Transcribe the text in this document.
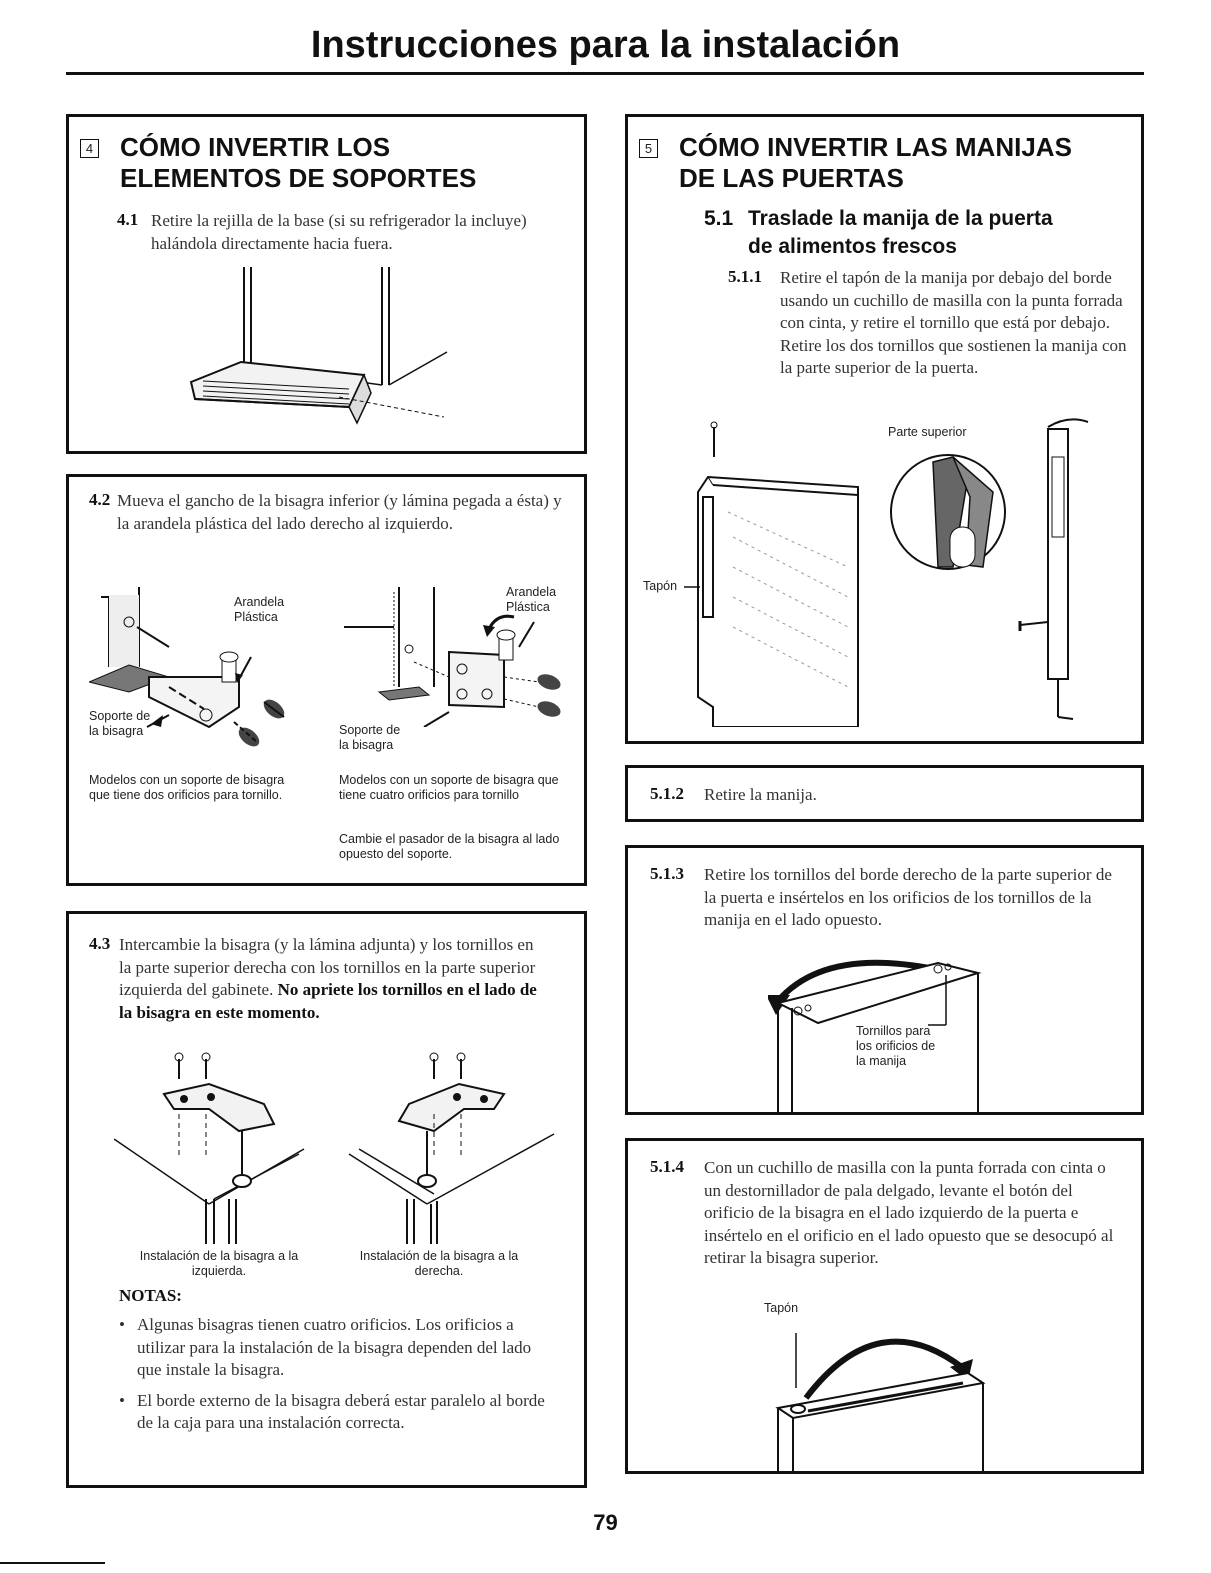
Instrucciones para la instalación
4 CÓMO INVERTIR LOS
ELEMENTOS DE SOPORTES
4.1 Retire la rejilla de la base (si su refrigerador la incluye) halándola directamente hacia fuera.

4.2 Mueva el gancho de la bisagra inferior (y lámina pegada a ésta) y la arandela plástica del lado derecho al izquierdo.

Arandela Plástica

Soporte de la bisagra

Modelos con un soporte de bisagra que tiene dos orificios para tornillo.

Arandela Plástica

Soporte de la bisagra

Modelos con un soporte de bisagra que tiene cuatro orificios para tornillo

Cambie el pasador de la bisagra al lado opuesto del soporte.

4.3 Intercambie la bisagra (y la lámina adjunta) y los tornillos en la parte superior derecha con los tornillos en la parte superior izquierda del gabinete. No apriete los tornillos en el lado de la bisagra en este momento.

Instalación de la bisagra a la izquierda.

Instalación de la bisagra a la derecha.

NOTAS:

• Algunas bisagras tienen cuatro orificios. Los orificios a utilizar para la instalación de la bisagra dependen del lado que instale la bisagra.
• El borde externo de la bisagra deberá estar paralelo al borde de la caja para una instalación correcta.
5 CÓMO INVERTIR LAS MANIJAS
DE LAS PUERTAS
5.1 Traslade la manija de la puerta
de alimentos frescos
5.1.1 Retire el tapón de la manija por debajo del borde usando un cuchillo de masilla con la punta forrada con cinta, y retire el tornillo que está por debajo. Retire los dos tornillos que sostienen la manija con la parte superior de la puerta.

Parte superior

Tapón

5.1.2 Retire la manija.

5.1.3 Retire los tornillos del borde derecho de la parte superior de la puerta e insértelos en los orificios de los tornillos de la manija en el lado opuesto.

Tornillos para los orificios de la manija

5.1.4 Con un cuchillo de masilla con la punta forrada con cinta o un destornillador de pala delgado, levante el botón del orificio de la bisagra en el lado izquierdo de la puerta e insértelo en el orificio en el lado opuesto que se desocupó al retirar la bisagra superior.

Tapón

79
